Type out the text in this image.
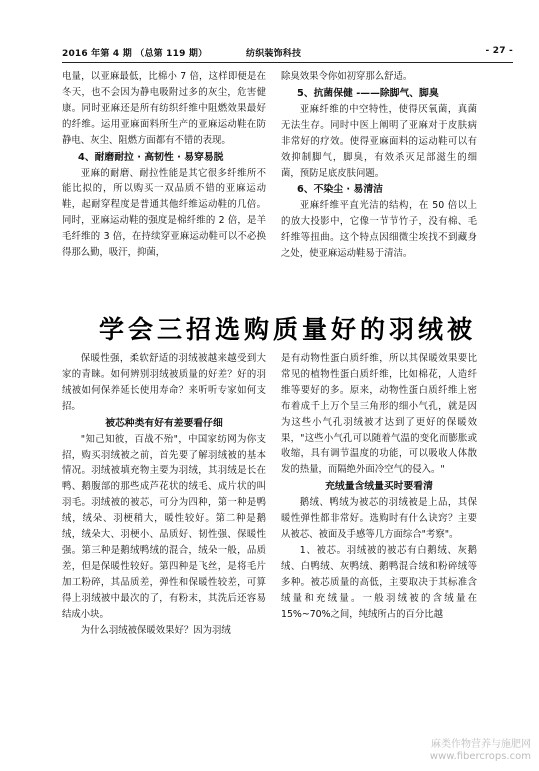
2016 年第 4 期 （总第 119 期）	纺织装饰科技	- 27 -

电量，以亚麻最低，比棉小 7 倍，这样即便是在冬天，也不会因为静电吸附过多的灰尘，危害健康。同时亚麻还是所有纺织纤维中阻燃效果最好的纤维。运用亚麻面料所生产的亚麻运动鞋在防静电、灰尘、阻燃方面都有不错的表现。

4、耐磨耐拉 · 高韧性 · 易穿易脱

亚麻的耐磨、耐拉性能是其它很多纤维所不能比拟的，所以购买一双品质不错的亚麻运动鞋，起耐穿程度是普通其他纤维运动鞋的几倍。同时，亚麻运动鞋的强度是棉纤维的 2 倍，是羊毛纤维的 3 倍，在持续穿亚麻运动鞋可以不必换得那么勤，吸汗，抑菌，

除臭效果令你如初穿那么舒适。

5、抗菌保健 -——除脚气、脚臭

亚麻纤维的中空特性，使得厌氧菌，真菌无法生存。同时中医上阐明了亚麻对于皮肤病非常好的疗效。使得亚麻面料的运动鞋可以有效抑制脚气，脚臭，有效杀灭足部滋生的细菌，预防足底皮肤问题。

6、不染尘 · 易清洁

亚麻纤维平直光洁的结构，在 50 倍以上的放大投影中，它像一节节竹子，没有棉、毛纤维等扭曲。这个特点因细微尘埃找不到藏身之处，使亚麻运动鞋易于清洁。

学会三招选购质量好的羽绒被

保暖性强，柔软舒适的羽绒被越来越受到大家的青睐。如何辨别羽绒被质量的好差？好的羽绒被如何保养延长使用寿命？来听听专家如何支招。

被芯种类有好有差要看仔细

"知己知彼，百战不殆"，中国家纺网为你支招，购买羽绒被之前，首先要了解羽绒被的基本情况。羽绒被填充物主要为羽绒，其羽绒是长在鸭、鹅腹部的那些成芦花状的绒毛、成片状的叫羽毛。羽绒被的被芯，可分为四种，第一种是鸭绒，绒朵、羽梗稍大，暖性较好。第二种是鹅绒，绒朵大、羽梗小、品质好、韧性强、保暖性强。第三种是鹅绒鸭绒的混合，绒朵一般，品质差，但是保暖性较好。第四种是飞丝，是将毛片加工粉碎，其品质差，弹性和保暖性较差，可算得上羽绒被中最次的了，有粉末，其洗后还容易结成小块。

为什么羽绒被保暖效果好？因为羽绒

是有动物性蛋白质纤维，所以其保暖效果要比常见的植物性蛋白质纤维，比如棉花，人造纤维等要好的多。原来，动物性蛋白质纤维上密布着成千上万个呈三角形的细小气孔，就是因为这些小气孔羽绒被才达到了更好的保暖效果，"这些小气孔可以随着气温的变化而膨胀或收缩，具有调节温度的功能，可以吸收人体散发的热量，而隔绝外面冷空气的侵入。"

充绒量含绒量买时要看清

鹅绒、鸭绒为被芯的羽绒被是上品，其保暖性弹性都非常好。选购时有什么诀窍？主要从被芯、被面及手感等几方面综合"考察"。

1、被芯。羽绒被的被芯有白鹅绒、灰鹅绒、白鸭绒、灰鸭绒、鹅鸭混合绒和粉碎绒等多种。被芯质量的高低，主要取决于其标准含绒量和充绒量。一般羽绒被的含绒量在 15%~70%之间，纯绒所占的百分比越

麻类作物营养与施肥网
www.fibercrops.com
